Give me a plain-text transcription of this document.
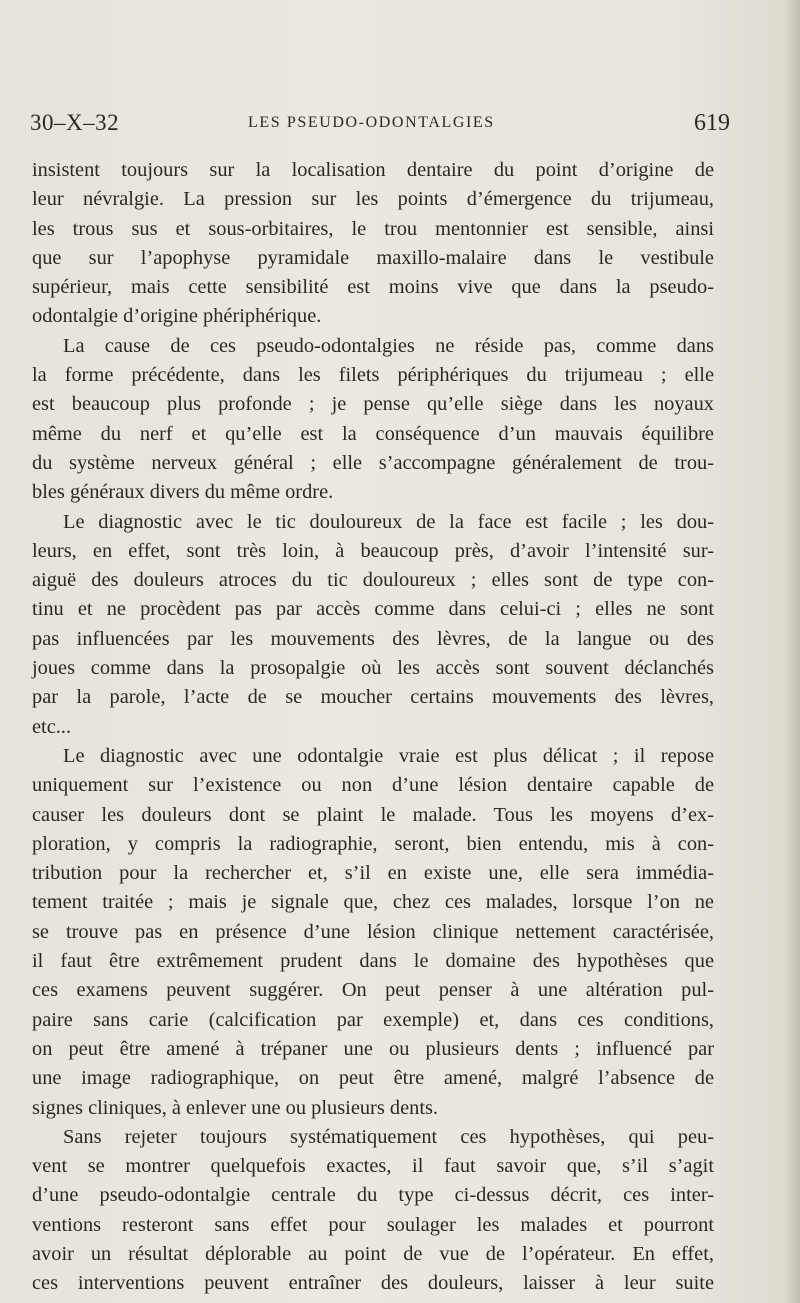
30–X–32	LES PSEUDO-ODONTALGIES	619
insistent toujours sur la localisation dentaire du point d’origine de
leur névralgie. La pression sur les points d’émergence du trijumeau,
les trous sus et sous-orbitaires, le trou mentonnier est sensible, ainsi
que sur l’apophyse pyramidale maxillo-malaire dans le vestibule
supérieur, mais cette sensibilité est moins vive que dans la pseudo-
odontalgie d’origine phériphérique.
La cause de ces pseudo-odontalgies ne réside pas, comme dans
la forme précédente, dans les filets périphériques du trijumeau ; elle
est beaucoup plus profonde ; je pense qu’elle siège dans les noyaux
même du nerf et qu’elle est la conséquence d’un mauvais équilibre
du système nerveux général ; elle s’accompagne généralement de trou-
bles généraux divers du même ordre.
Le diagnostic avec le tic douloureux de la face est facile ; les dou-
leurs, en effet, sont très loin, à beaucoup près, d’avoir l’intensité sur-
aiguë des douleurs atroces du tic douloureux ; elles sont de type con-
tinu et ne procèdent pas par accès comme dans celui-ci ; elles ne sont
pas influencées par les mouvements des lèvres, de la langue ou des
joues comme dans la prosopalgie où les accès sont souvent déclanchés
par la parole, l’acte de se moucher certains mouvements des lèvres,
etc...
Le diagnostic avec une odontalgie vraie est plus délicat ; il repose
uniquement sur l’existence ou non d’une lésion dentaire capable de
causer les douleurs dont se plaint le malade. Tous les moyens d’ex-
ploration, y compris la radiographie, seront, bien entendu, mis à con-
tribution pour la rechercher et, s’il en existe une, elle sera immédia-
tement traitée ; mais je signale que, chez ces malades, lorsque l’on ne
se trouve pas en présence d’une lésion clinique nettement caractérisée,
il faut être extrêmement prudent dans le domaine des hypothèses que
ces examens peuvent suggérer. On peut penser à une altération pul-
paire sans carie (calcification par exemple) et, dans ces conditions,
on peut être amené à trépaner une ou plusieurs dents ; influencé par
une image radiographique, on peut être amené, malgré l’absence de
signes cliniques, à enlever une ou plusieurs dents.
Sans rejeter toujours systématiquement ces hypothèses, qui peu-
vent se montrer quelquefois exactes, il faut savoir que, s’il s’agit
d’une pseudo-odontalgie centrale du type ci-dessus décrit, ces inter-
ventions resteront sans effet pour soulager les malades et pourront
avoir un résultat déplorable au point de vue de l’opérateur. En effet,
ces interventions peuvent entraîner des douleurs, laisser à leur suite
